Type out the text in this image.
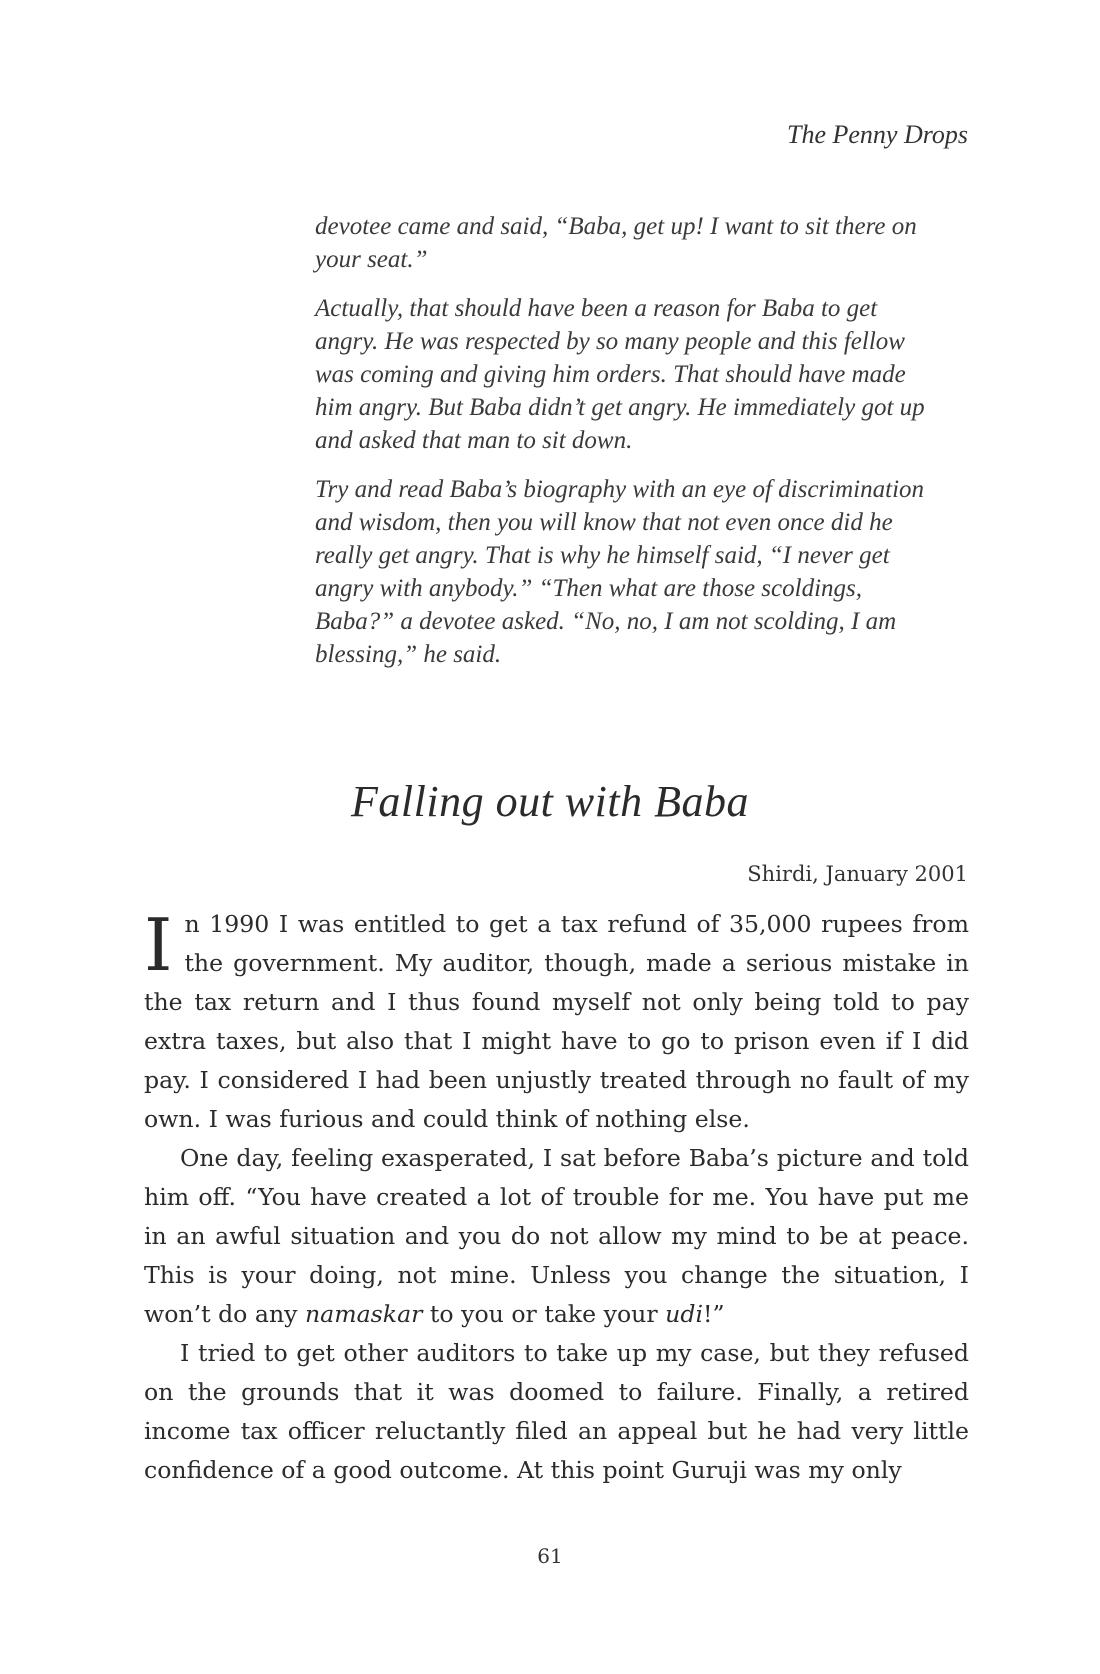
The Penny Drops

devotee came and said, “Baba, get up! I want to sit there on your seat.”

Actually, that should have been a reason for Baba to get angry. He was respected by so many people and this fellow was coming and giving him orders. That should have made him angry. But Baba didn’t get angry. He immediately got up and asked that man to sit down.

Try and read Baba’s biography with an eye of discrimination and wisdom, then you will know that not even once did he really get angry. That is why he himself said, “I never get angry with anybody.” “Then what are those scoldings, Baba?” a devotee asked. “No, no, I am not scolding, I am blessing,” he said.

Falling out with Baba

Shirdi, January 2001

In 1990 I was entitled to get a tax refund of 35,000 rupees from the government. My auditor, though, made a serious mistake in the tax return and I thus found myself not only being told to pay extra taxes, but also that I might have to go to prison even if I did pay. I considered I had been unjustly treated through no fault of my own. I was furious and could think of nothing else.

One day, feeling exasperated, I sat before Baba’s picture and told him off. “You have created a lot of trouble for me. You have put me in an awful situation and you do not allow my mind to be at peace. This is your doing, not mine. Unless you change the situation, I won’t do any namaskar to you or take your udi!”

I tried to get other auditors to take up my case, but they refused on the grounds that it was doomed to failure. Finally, a retired income tax officer reluctantly filed an appeal but he had very little confidence of a good outcome. At this point Guruji was my only

61
